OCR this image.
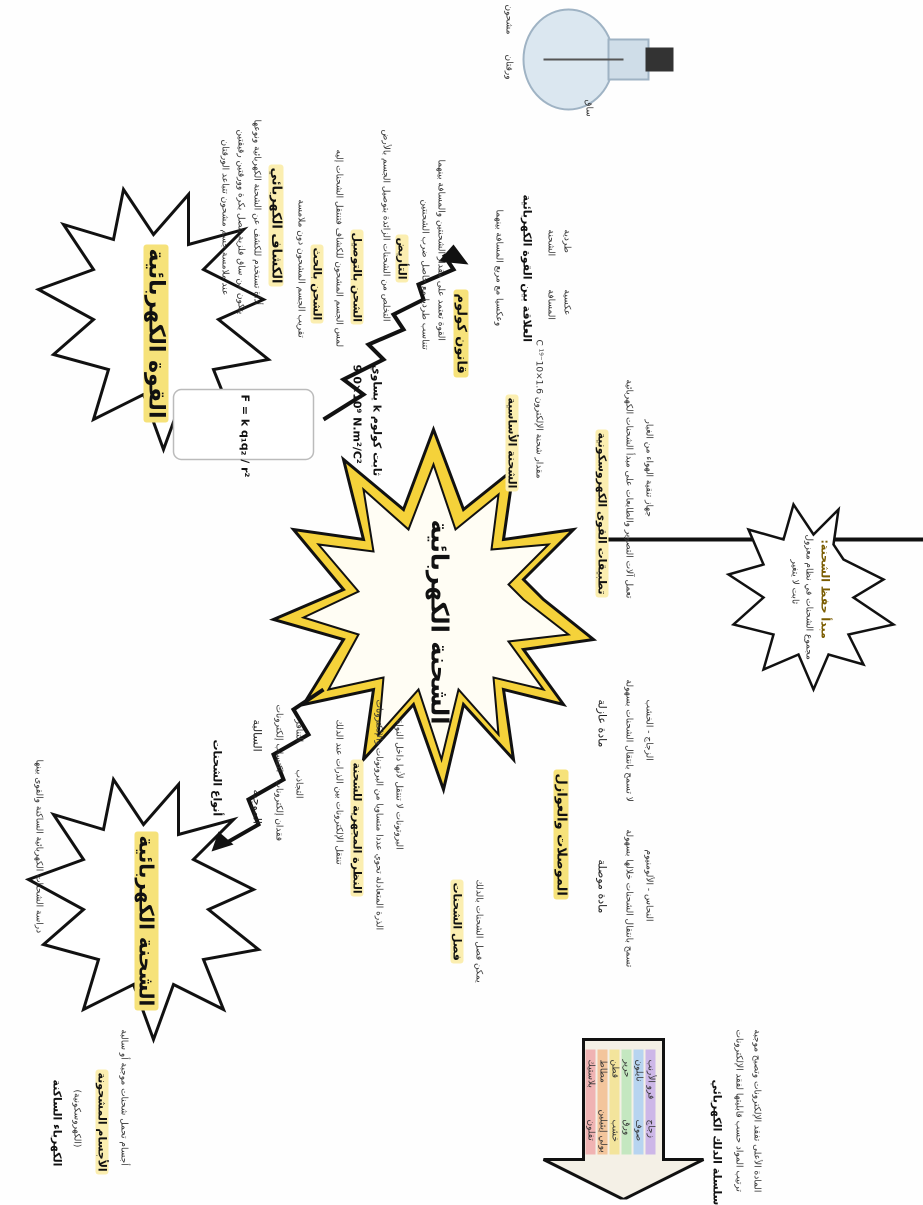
الشحنة الكهربائية
القوة الكهربائية
الشحنة الكهربائية
مبدأ حفظ الشحنة:
مجموع الشحنات في نظام معزول
ثابت لا يتغير
مشحون
ورقتان
ساق
الكشاف الكهربائي
أداة تستخدم للكشف عن الشحنة الكهربائية ونوعها
يتكون من ساق فلزية تتصل بكرة وورقتين رقيقتين
عند ملامسة جسم مشحون تتباعد الورقتان	الشحن بالتوصيل
لمس الجسم المشحون للكشاف فتنتقل الشحنات إليه
الشحن بالحث
تقريب الجسم المشحون دون ملامسة	التأريض
التخلص من الشحنات الزائدة بتوصيل الجسم بالأرض
قانون كولوم
القوة تعتمد على مقدار الشحنتين والمسافة بينهما
تتناسب طرديا مع حاصل ضرب الشحنتين	وعكسيا مع مربع المسافة بينهما العلاقة بين القوة الكهربائية الشحنة طردية
المسافة عكسية
F = k q₁q₂ / r²
ثابت كولوم k يساوي
9.0×10⁹ N.m²/C²	الشحنة الأساسية
مقدار شحنة الإلكترون 1.6×10⁻¹⁹ C	تطبيقات القوى الكهروسكونية تعمل آلات التصوير والطابعات على مبدأ الشحنات الكهربائية جهاز تنقية الهواء من الغبار
دراسة الشحنات الكهربائية الساكنة والقوى بينها
الكهرباء الساكنة (الكهروسكونية) الأجسام المشحونة أجسام تحمل شحنات موجبة أو سالبة
أنواع الشحنات الموجبة
السالبة
فقدان إلكترونات
اكتساب إلكترونات
التجاذب
التنافر
النظرة المجهرية للشحنة
تنتقل الإلكترونات بين الذرات عند الدلك	الذرة المتعادلة تحوي عددا متساويا من البروتونات والإلكترونات البروتونات لا تنتقل لأنها داخل النواة
فصل الشحنات يمكن فصل الشحنات بالدلك
الموصلات والعوازل مادة موصلة
مادة عازلة
تسمح بانتقال الشحنات خلالها بسهولة
لا تسمح بانتقال الشحنات بسهولة
النحاس - الألومنيوم
الزجاج - الخشب
سلسلة الدلك الكهربائي ترتيب المواد حسب قابليتها لفقد الإلكترونات المادة الأعلى تفقد الإلكترونات وتصبح موجبة
فرو الأرنب
زجاج
نايلون
صوف
حرير
ورق
قطن
خشب
مطاط
بولي إيثيلين
بلاستيك
تفلون
